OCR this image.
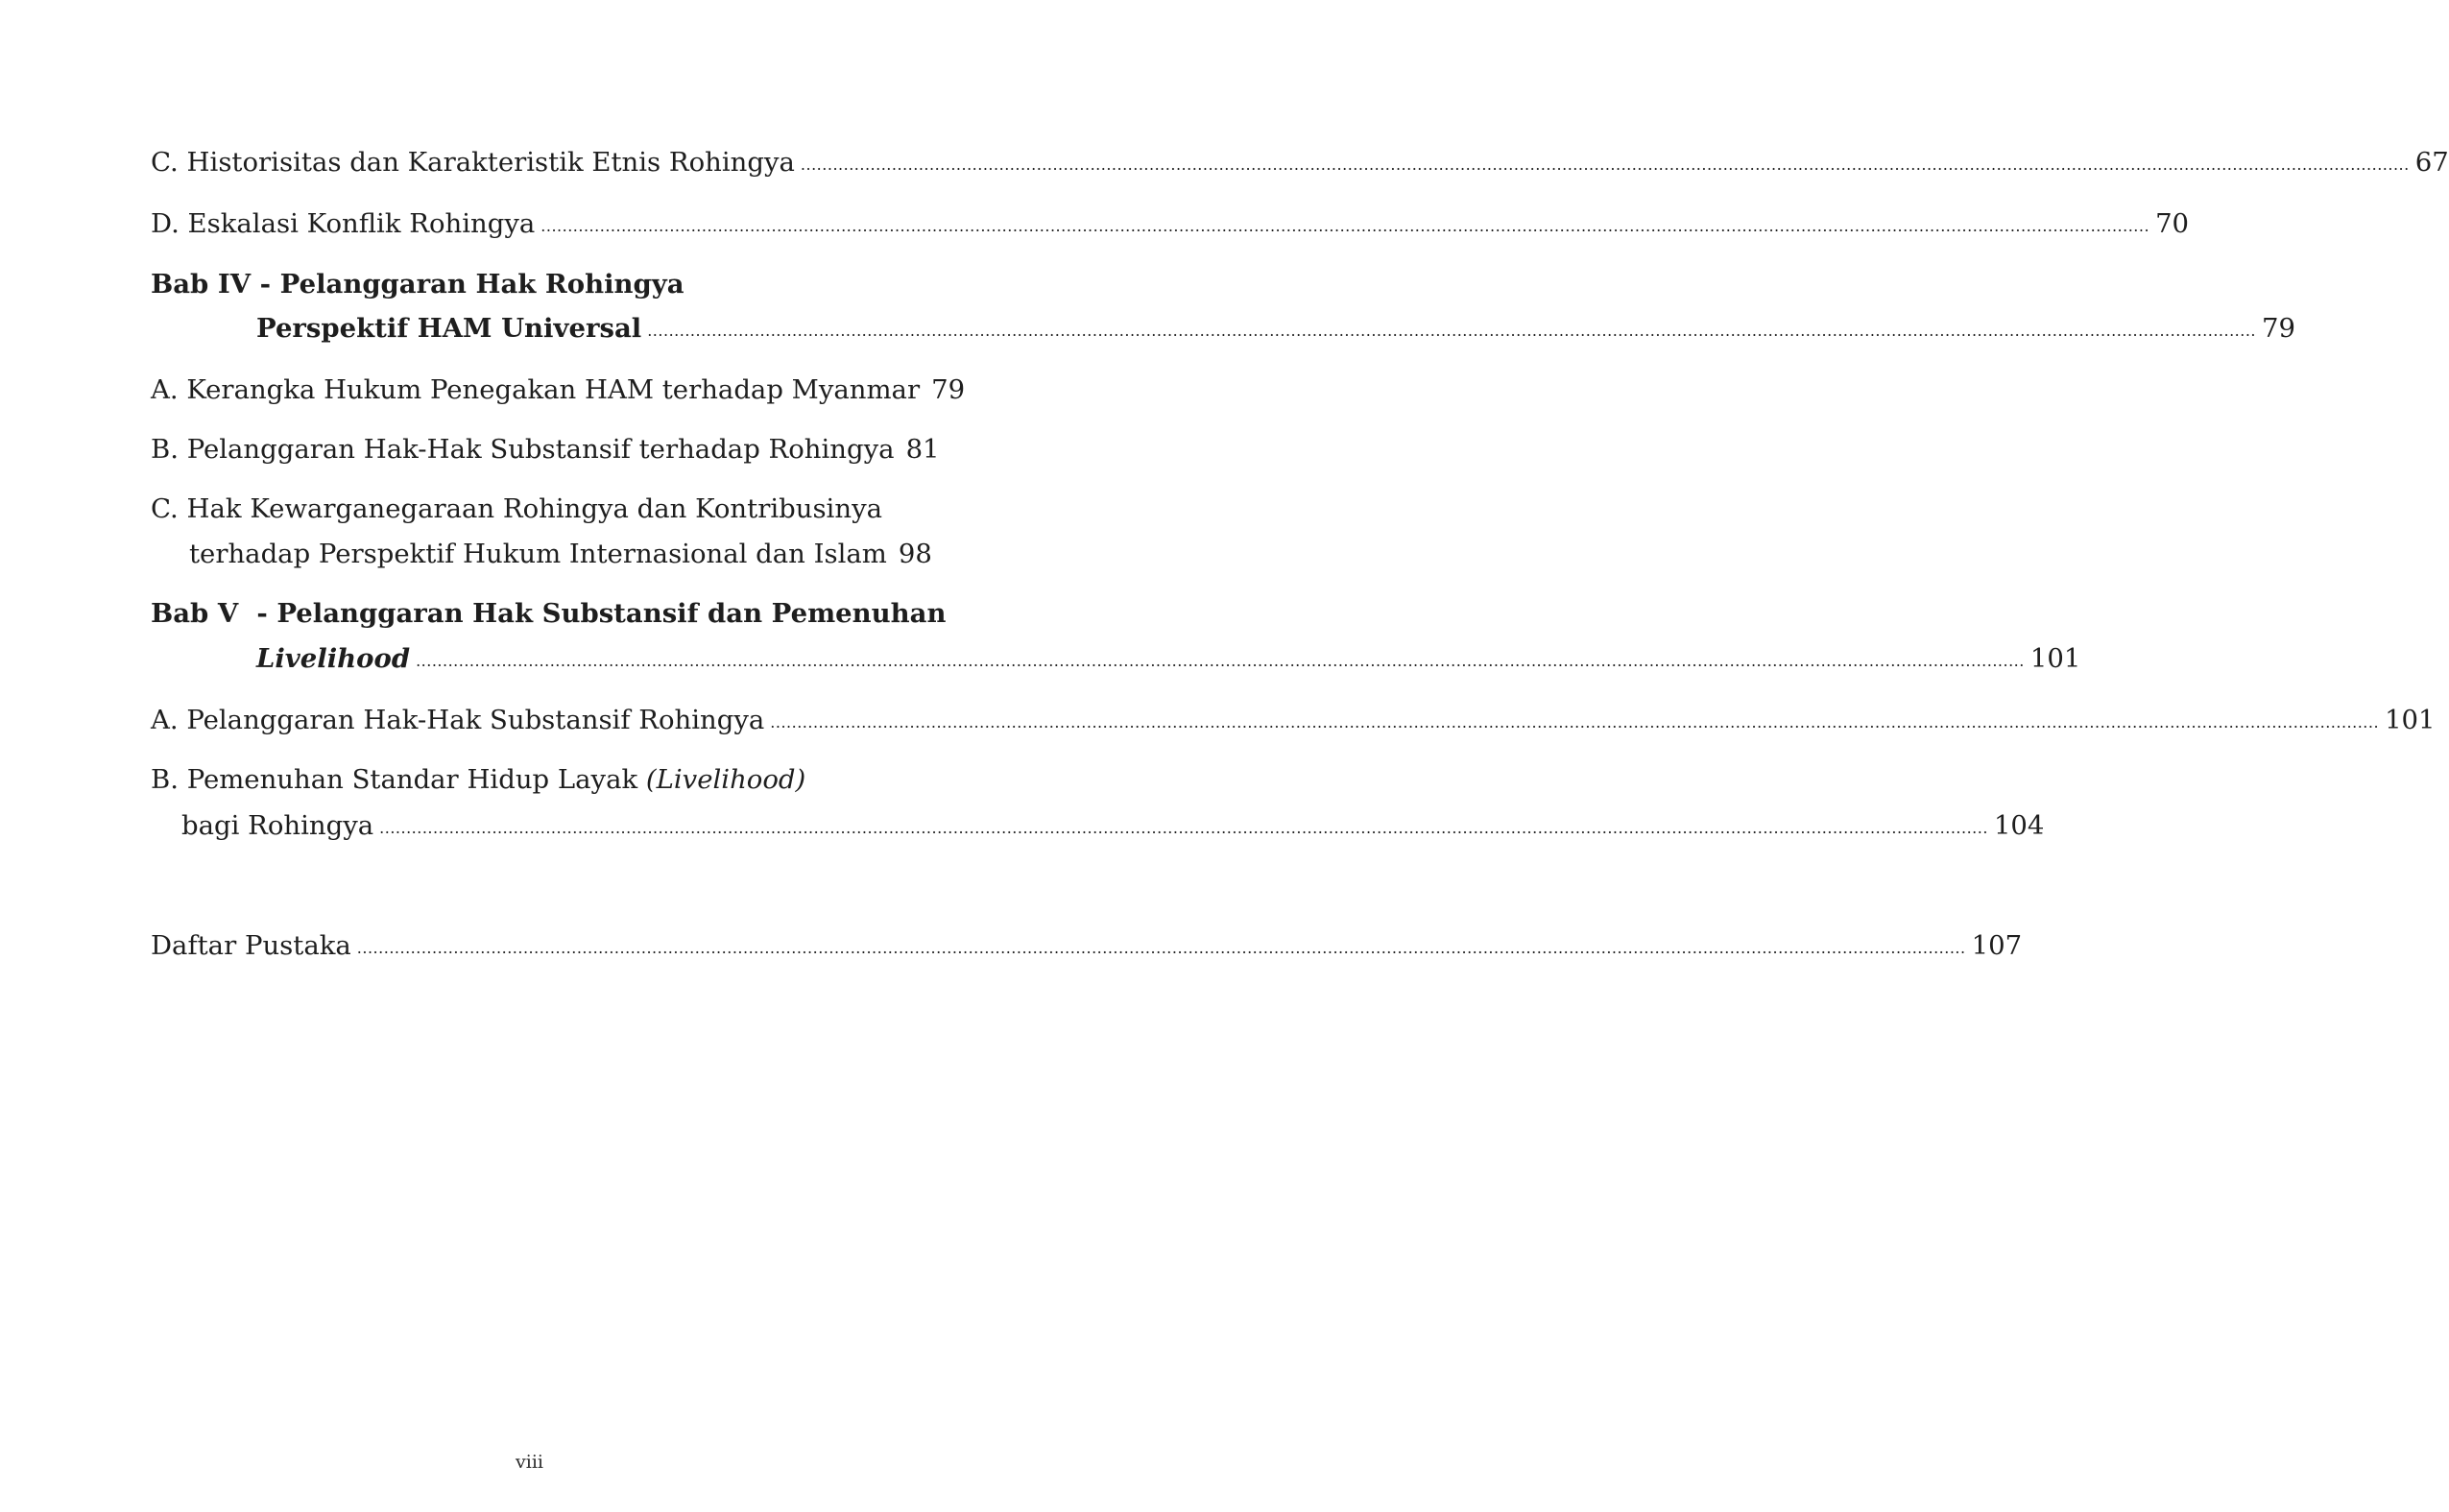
C. Historisitas dan Karakteristik Etnis Rohingya ............................................................................................................................................................................................................................................................................................................ 67
D. Eskalasi Konflik Rohingya ............................................................................................................................................................................................................................................................................................................ 70
Bab IV - Pelanggaran Hak Rohingya
Perspektif HAM Universal ............................................................................................................................................................................................................................................................................................................ 79
A. Kerangka Hukum Penegakan HAM terhadap Myanmar 79
B. Pelanggaran Hak-Hak Substansif terhadap Rohingya 81
C. Hak Kewarganegaraan Rohingya dan Kontribusinya
terhadap Perspektif Hukum Internasional dan Islam 98
Bab V  - Pelanggaran Hak Substansif dan Pemenuhan
Livelihood ............................................................................................................................................................................................................................................................................................................ 101
A. Pelanggaran Hak-Hak Substansif Rohingya ............................................................................................................................................................................................................................................................................................................ 101
B. Pemenuhan Standar Hidup Layak (Livelihood)
bagi Rohingya ............................................................................................................................................................................................................................................................................................................ 104
Daftar Pustaka ............................................................................................................................................................................................................................................................................................................ 107
viii
